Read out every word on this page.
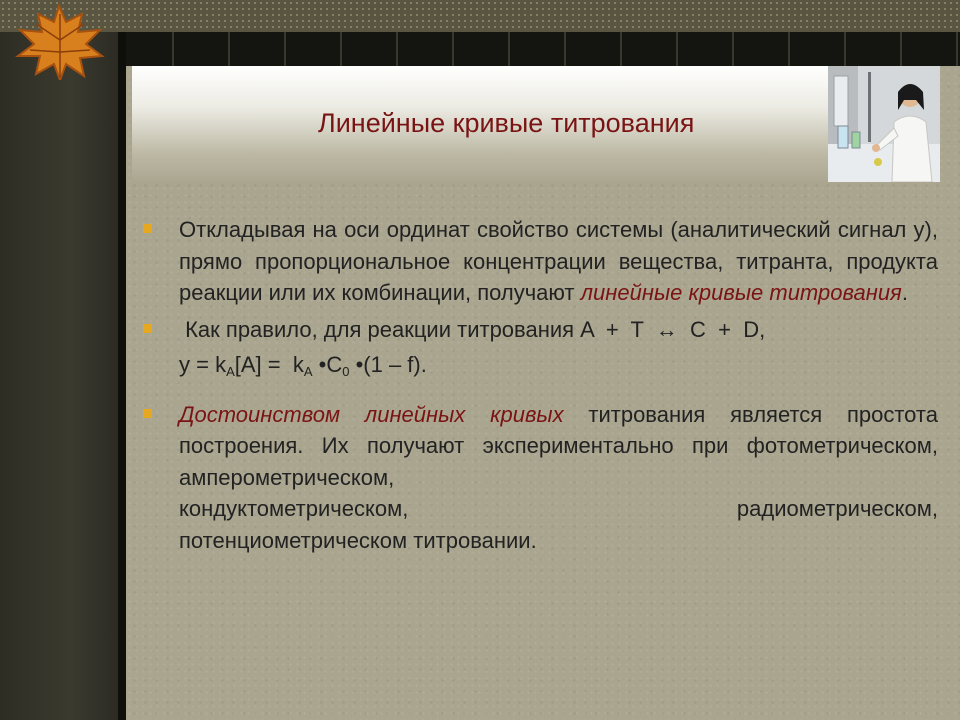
Линейные кривые титрования
Откладывая на оси ординат свойство системы (аналитический сигнал y), прямо пропорциональное концентрации вещества, титранта, продукта реакции или их комбинации, получают линейные кривые титрования.
Как правило, для реакции титрования A  +  T  ↔  C  +  D,
$y = k_A[A] = k_A$ $•C_0$ •(1 – f).
Достоинством линейных кривых титрования является простота построения. Их получают экспериментально при фотометрическом, амперометрическом,
кондуктометрическом,	радиометрическом,
потенциометрическом титровании.
